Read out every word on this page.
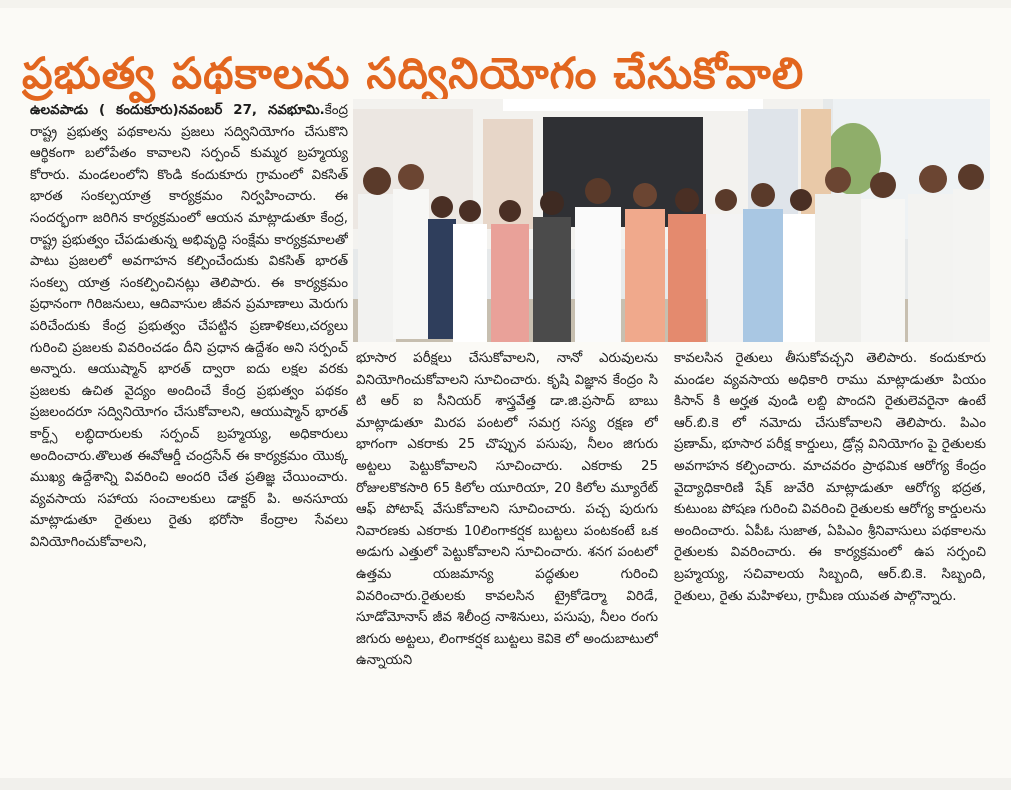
ప్రభుత్వ పథకాలను సద్వినియోగం చేసుకోవాలి

ఉలవపాడు ( కందుకూరు)నవంబర్ 27, నవభూమి.కేంద్ర రాష్ట్ర ప్రభుత్వ పథకాలను ప్రజలు సద్వినియోగం చేసుకొని ఆర్థికంగా బలోపేతం కావాలని సర్పంచ్ కుమ్మర బ్రహ్మయ్య కోరారు. మండలంలోని కొండి కందుకూరు గ్రామంలో వికసిత్ భారత సంకల్పయాత్ర కార్యక్రమం నిర్వహించారు. ఈ సందర్భంగా జరిగిన కార్యక్రమంలో ఆయన మాట్లాడుతూ కేంద్ర, రాష్ట్ర ప్రభుత్వం చేపడుతున్న అభివృద్ధి సంక్షేమ కార్యక్రమాలతో పాటు ప్రజలలో అవగాహన కల్పించేందుకు వికసిత్ భారత్ సంకల్ప యాత్ర సంకల్పించినట్లు తెలిపారు. ఈ కార్యక్రమం ప్రధానంగా గిరిజనులు, ఆదివాసుల జీవన ప్రమాణాలు మెరుగు పరిచేందుకు కేంద్ర ప్రభుత్వం చేపట్టిన ప్రణాళికలు,చర్యలు గురించి ప్రజలకు వివరించడం దీని ప్రధాన ఉద్దేశం అని సర్పంచ్ అన్నారు. ఆయుష్మాన్ భారత్ ద్వారా ఐదు లక్షల వరకు ప్రజలకు ఉచిత వైద్యం అందించే కేంద్ర ప్రభుత్వం పథకం ప్రజలందరూ సద్వినియోగం చేసుకోవాలని, ఆయుష్మాన్ భారత్ కార్డ్స్ లబ్ధిదారులకు సర్పంచ్ బ్రహ్మయ్య, అధికారులు అందించారు.తొలుత ఈవోఆర్డీ చంద్రసేన్ ఈ కార్యక్రమం యొక్క ముఖ్య ఉద్దేశాన్ని వివరించి అందరి చేత ప్రతిజ్ఞ చేయించారు. వ్యవసాయ సహాయ సంచాలకులు డాక్టర్ పి. అనసూయ మాట్లాడుతూ రైతులు రైతు భరోసా కేంద్రాల సేవలు వినియోగించుకోవాలని,

భూసార పరీక్షలు చేసుకోవాలని, నానో ఎరువులను వినియోగించుకోవాలని సూచించారు. కృషి విజ్ఞాన కేంద్రం సి టి ఆర్ ఐ సీనియర్ శాస్త్రవేత్త డా.జి.ప్రసాద్ బాబు మాట్లాడుతూ మిరప పంటలో సమగ్ర సస్య రక్షణ లో భాగంగా ఎకరాకు 25 చొప్పున పసుపు, నీలం జిగురు అట్టలు పెట్టుకోవాలని సూచించారు. ఎకరాకు 25 రోజులకొకసారి 65 కిలోల యూరియా, 20 కిలోల మ్యూరేట్ ఆఫ్ పోటాష్ వేసుకోవాలని సూచించారు. పచ్చ పురుగు నివారణకు ఎకరాకు 10లింగాకర్షక బుట్టలు పంటకంటే ఒక అడుగు ఎత్తులో పెట్టుకోవాలని సూచించారు. శనగ పంటలో ఉత్తమ యజమాన్య పద్ధతుల గురించి వివరించారు.రైతులకు కావలసిన ట్రైకోడెర్మా విరిడే, సూడోమోనాస్ జీవ శిలీంద్ర నాశినులు, పసుపు, నీలం రంగు జిగురు అట్టలు, లింగాకర్షక బుట్టలు కెవికె లో అందుబాటులో ఉన్నాయని

కావలసిన రైతులు తీసుకోవచ్చని తెలిపారు. కందుకూరు మండల వ్యవసాయ అధికారి రాము మాట్లాడుతూ పియం కిసాన్ కి అర్హత వుండి లబ్ది పొందని రైతులెవరైనా ఉంటే ఆర్.బి.కె లో నమోదు చేసుకోవాలని తెలిపారు. పిఎం ప్రణామ్, భూసార పరీక్ష కార్డులు, డ్రోన్ల వినియోగం పై రైతులకు అవగాహన కల్పించారు. మాచవరం ప్రాథమిక ఆరోగ్య కేంద్రం వైద్యాధికారిణి షేక్ జువేరి మాట్లాడుతూ ఆరోగ్య భద్రత, కుటుంబ పోషణ గురించి వివరించి రైతులకు ఆరోగ్య కార్డులను అందించారు. ఏపీఓ సుజాత, ఏపిఎం శ్రీనివాసులు పథకాలను రైతులకు వివరించారు. ఈ కార్యక్రమంలో ఉప సర్పంచి బ్రహ్మయ్య, సచివాలయ సిబ్బంది, ఆర్.బి.కె. సిబ్బంది, రైతులు, రైతు మహిళలు, గ్రామీణ యువత పాల్గొన్నారు.
